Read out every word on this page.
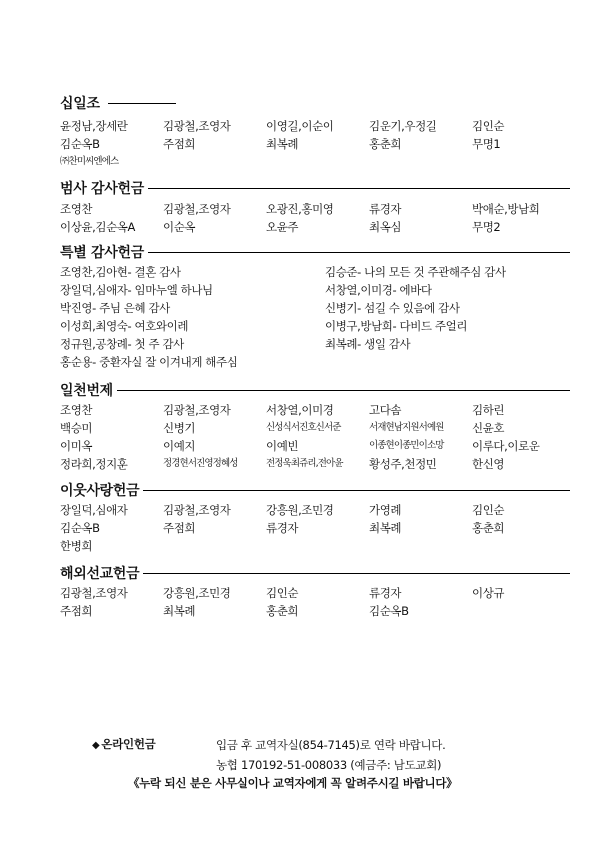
십일조
윤정남,장세란	김광철,조영자	이영길,이순이	김운기,우정길	김인순
김순옥B	주점희	최복례	홍춘희	무명1
㈜찬미씨엔에스
범사 감사헌금
조영찬	김광철,조영자	오광진,홍미영	류경자	박애순,방남희
이상윤,김순옥A	이순옥	오윤주	최옥심	무명2
특별 감사헌금
조영찬,김아현- 결혼 감사	김승준- 나의 모든 것 주관해주심 감사
장일덕,심애자- 임마누엘 하나님	서창열,이미경- 에바다
박진영- 주님 은혜 감사	신병기- 섬길 수 있음에 감사
이성희,최영숙- 여호와이레	이병구,방남희- 다비드 주얼리
정규원,공창례- 첫 주 감사	최복례- 생일 감사
홍순용- 중환자실 잘 이겨내게 해주심
일천번제
조영찬	김광철,조영자	서창열,이미경	고다솜	김하린
백승미	신병기	신성식서진호신서준	서재현남지원서예원	신윤호
이미옥	이예지	이예빈	이종현이종민이소망	이루다,이로운
정라희,정지훈	정경현서진영정혜성	전정욱최쥬리,전아윤	황성주,천정민	한신영
이웃사랑헌금
장일덕,심애자	김광철,조영자	강흥원,조민경	가영례	김인순
김순옥B	주점희	류경자	최복례	홍춘희
한병희
해외선교헌금
김광철,조영자	강흥원,조민경	김인순	류경자	이상규
주점희	최복례	홍춘희	김순옥B
◆ 온라인헌금	입금 후 교역자실(854-7145)로 연락 바랍니다.
농협 170192-51-008033 (예금주: 남도교회)
《누락 되신 분은 사무실이나 교역자에게 꼭 알려주시길 바랍니다》
